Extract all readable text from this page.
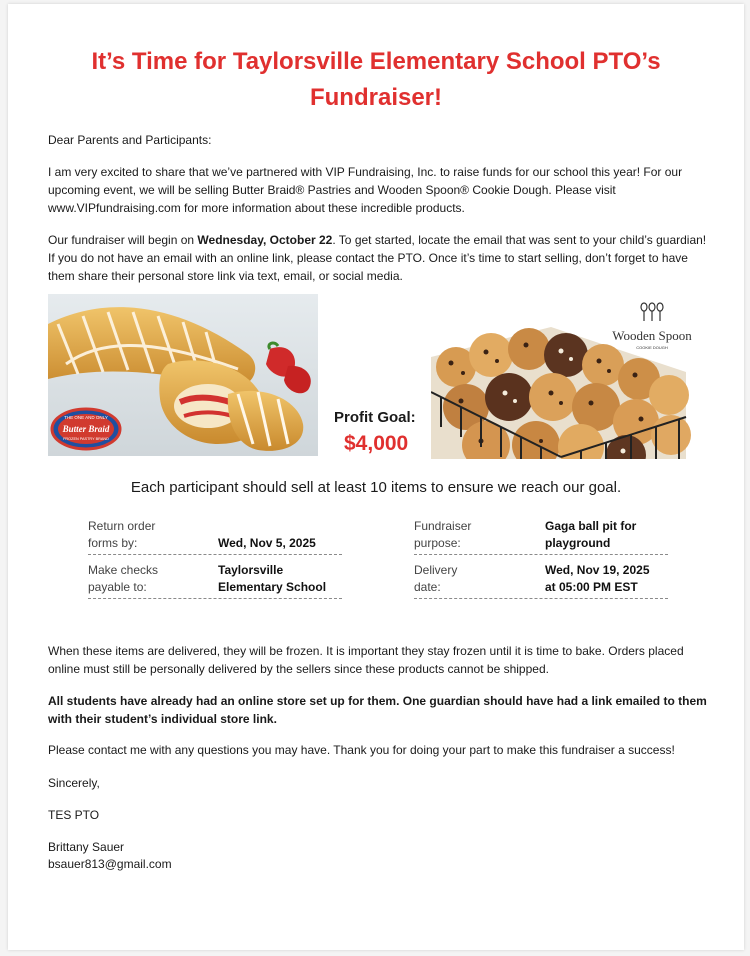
It’s Time for Taylorsville Elementary School PTO’s
Fundraiser!
Dear Parents and Participants:
I am very excited to share that we’ve partnered with VIP Fundraising, Inc. to raise funds for our school this year! For our upcoming event, we will be selling Butter Braid® Pastries and Wooden Spoon® Cookie Dough. Please visit www.VIPfundraising.com for more information about these incredible products.
Our fundraiser will begin on Wednesday, October 22. To get started, locate the email that was sent to your child’s guardian! If you do not have an email with an online link, please contact the PTO. Once it’s time to start selling, don’t forget to have them share their personal store link via text, email, or social media.
THE ONE AND ONLY
Butter Braid
FROZEN PASTRY BRAND
Wooden Spoon
COOKIE DOUGH
Profit Goal:
$4,000
Each participant should sell at least 10 items to ensure we reach our goal.
Return order
forms by:	Wed, Nov 5, 2025
Make checks
payable to:
Taylorsville
Elementary School
Fundraiser
purpose:
Gaga ball pit for
playground
Delivery
date:
Wed, Nov 19, 2025
at 05:00 PM EST
When these items are delivered, they will be frozen. It is important they stay frozen until it is time to bake. Orders placed online must still be personally delivered by the sellers since these products cannot be shipped.
All students have already had an online store set up for them. One guardian should have had a link emailed to them with their student’s individual store link.
Please contact me with any questions you may have. Thank you for doing your part to make this fundraiser a success!
Sincerely,
TES PTO
Brittany Sauer
bsauer813@gmail.com
